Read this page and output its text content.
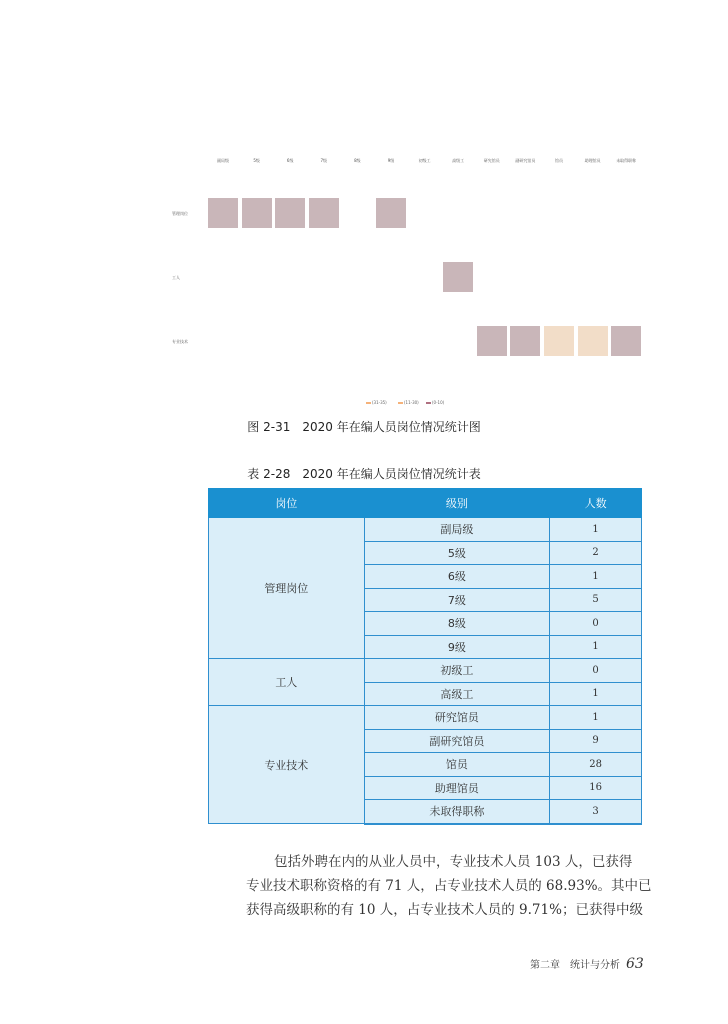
副局级	5级	6级	7级	8级	9级	初级工	高级工	研究馆员	副研究馆员	馆员	助理馆员	未取得职称
管理岗位
工人
专业技术
(31-35)	(11-30)	(0-10)
图 2-31　2020 年在编人员岗位情况统计图
表 2-28　2020 年在编人员岗位情况统计表
岗位	级别	人数
管理岗位	副局级	1
	5级	2
	6级	1
	7级	5
	8级	0
	9级	1
工人	初级工	0
	高级工	1
专业技术	研究馆员	1
	副研究馆员	9
	馆员	28
	助理馆员	16
	未取得职称	3
包括外聘在内的从业人员中，专业技术人员 103 人，已获得
专业技术职称资格的有 71 人，占专业技术人员的 68.93%。其中已
获得高级职称的有 10 人，占专业技术人员的 9.71%；已获得中级
第二章　统计与分析 63
